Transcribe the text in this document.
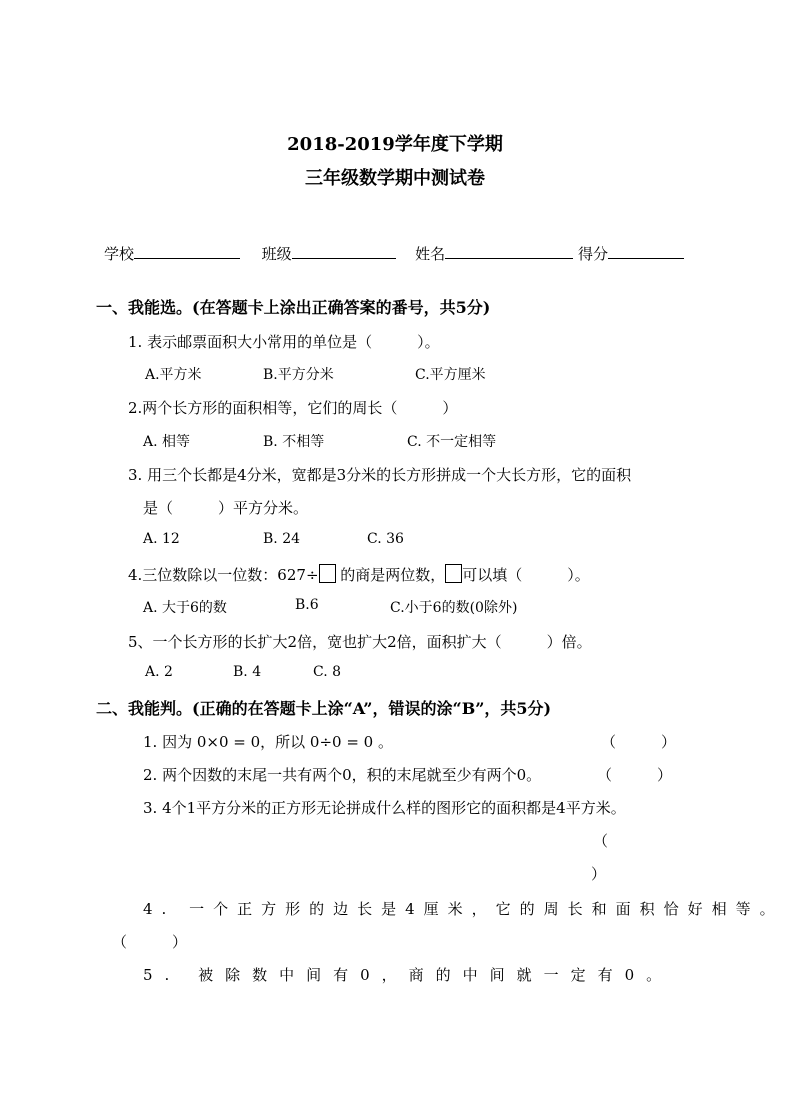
2018-2019学年度下学期
三年级数学期中测试卷
学校	班级	姓名	得分
一、我能选。(在答题卡上涂出正确答案的番号，共5分)
1. 表示邮票面积大小常用的单位是（　　　）。
A.平方米	B.平方分米	C.平方厘米
2.两个长方形的面积相等，它们的周长（　　　）
A. 相等	B. 不相等	C. 不一定相等
3. 用三个长都是4分米，宽都是3分米的长方形拼成一个大长方形，它的面积
是（　　　）平方分米。
A. 12	B. 24	C. 36
4.三位数除以一位数：627÷ 的商是两位数， 可以填（　　　）。
A. 大于6的数	B.6	C.小于6的数(0除外)
5、一个长方形的长扩大2倍，宽也扩大2倍，面积扩大（　　　）倍。
A. 2	B. 4	C. 8
二、我能判。(正确的在答题卡上涂“A”，错误的涂“B”，共5分)
1. 因为 0×0 = 0，所以 0÷0 = 0 。	（　　　）
2. 两个因数的末尾一共有两个0，积的末尾就至少有两个0。	（　　　）
3. 4个1平方分米的正方形无论拼成什么样的图形它的面积都是4平方米。
（
）
4. 一个正方形的边长是4厘米，它的周长和面积恰好相等。
（　　　）
5. 被除数中间有0，商的中间就一定有0。
